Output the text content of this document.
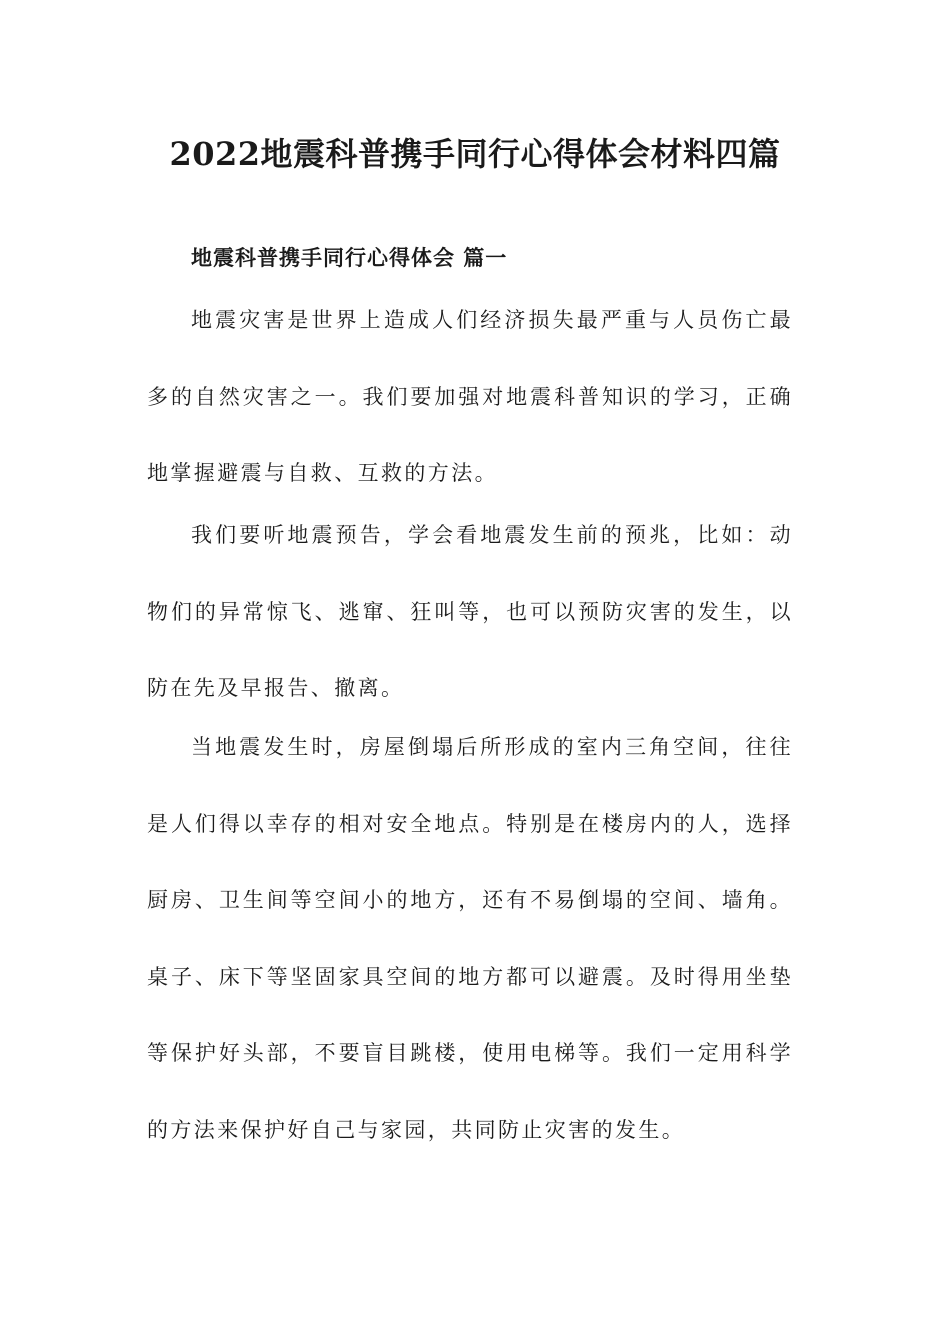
2022地震科普携手同行心得体会材料四篇
地震科普携手同行心得体会 篇一

地震灾害是世界上造成人们经济损失最严重与人员伤亡最多的自然灾害之一。我们要加强对地震科普知识的学习，正确地掌握避震与自救、互救的方法。

我们要听地震预告，学会看地震发生前的预兆，比如：动物们的异常惊飞、逃窜、狂叫等，也可以预防灾害的发生，以防在先及早报告、撤离。

当地震发生时，房屋倒塌后所形成的室内三角空间，往往是人们得以幸存的相对安全地点。特别是在楼房内的人，选择厨房、卫生间等空间小的地方，还有不易倒塌的空间、墙角。桌子、床下等坚固家具空间的地方都可以避震。及时得用坐垫等保护好头部，不要盲目跳楼，使用电梯等。我们一定用科学的方法来保护好自己与家园，共同防止灾害的发生。
